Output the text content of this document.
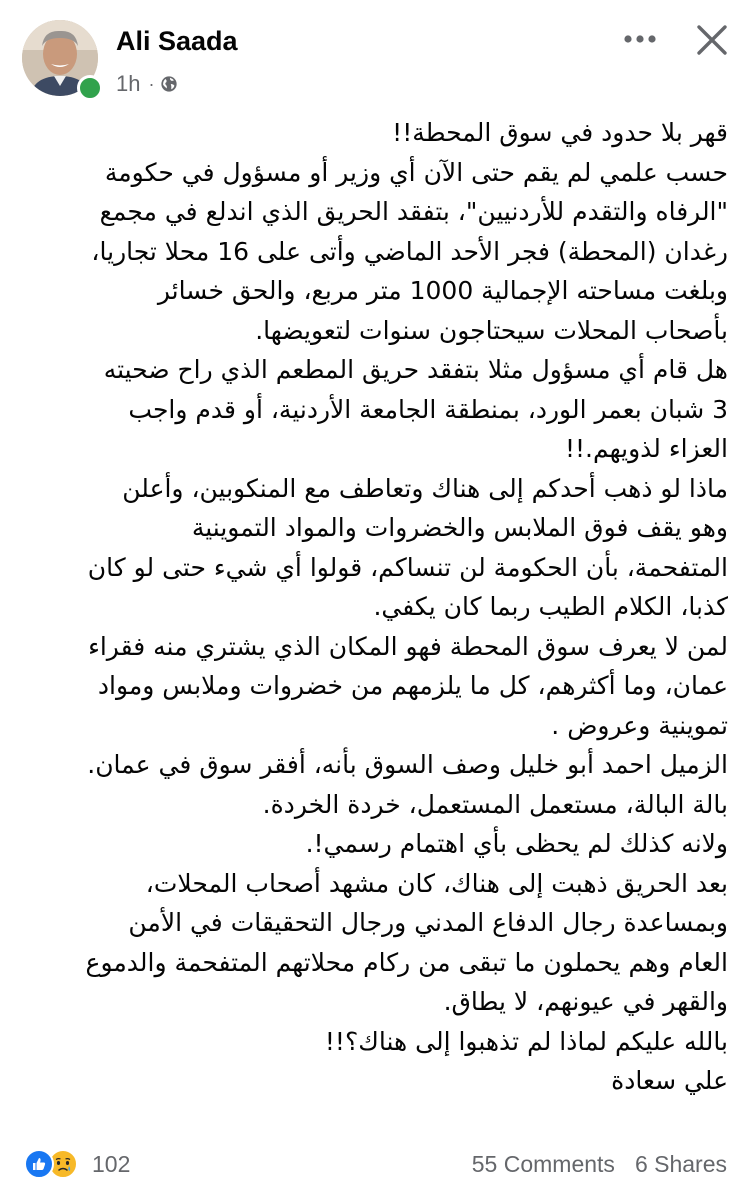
Ali Saada
1h ·
قهر بلا حدود في سوق المحطة!!
حسب علمي لم يقم حتى الآن أي وزير أو مسؤول في حكومة
"الرفاه والتقدم للأردنيين"، بتفقد الحريق الذي اندلع في مجمع
رغدان (المحطة) فجر الأحد الماضي وأتى على 16 محلا تجاريا،
وبلغت مساحته الإجمالية 1000 متر مربع، والحق خسائر
بأصحاب المحلات سيحتاجون سنوات لتعويضها.
هل قام أي مسؤول مثلا بتفقد حريق المطعم الذي راح ضحيته
3 شبان بعمر الورد، بمنطقة الجامعة الأردنية، أو قدم واجب
العزاء لذويهم.!!
ماذا لو ذهب أحدكم إلى هناك وتعاطف مع المنكوبين، وأعلن
وهو يقف فوق الملابس والخضروات والمواد التموينية
المتفحمة، بأن الحكومة لن تنساكم، قولوا أي شيء حتى لو كان
كذبا، الكلام الطيب ربما كان يكفي.
لمن لا يعرف سوق المحطة فهو المكان الذي يشتري منه فقراء
عمان، وما أكثرهم، كل ما يلزمهم من خضروات وملابس ومواد
تموينية وعروض .
الزميل احمد أبو خليل وصف السوق بأنه، أفقر سوق في عمان.
بالة البالة، مستعمل المستعمل، خردة الخردة.
ولانه كذلك لم يحظى بأي اهتمام رسمي!.
بعد الحريق ذهبت إلى هناك، كان مشهد أصحاب المحلات،
وبمساعدة رجال الدفاع المدني ورجال التحقيقات في الأمن
العام وهم يحملون ما تبقى من ركام محلاتهم المتفحمة والدموع
والقهر في عيونهم، لا يطاق.
بالله عليكم لماذا لم تذهبوا إلى هناك؟!!
علي سعادة
102	55 Comments 6 Shares
